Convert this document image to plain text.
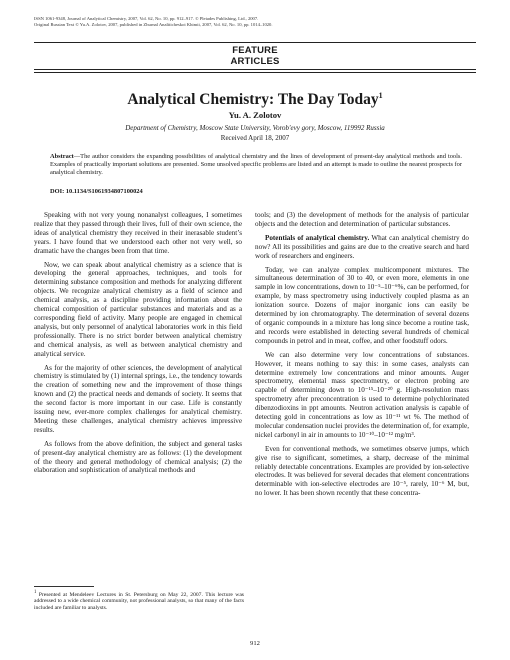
ISSN 1061-9348, Journal of Analytical Chemistry, 2007, Vol. 62, No. 10, pp. 912–917. © Pleiades Publishing, Ltd., 2007.
Original Russian Text © Yu.A. Zolotov, 2007, published in Zhurnal Analiticheskoi Khimii, 2007, Vol. 62, No. 10, pp. 1014–1020.
FEATURE
ARTICLES
Analytical Chemistry: The Day Today$^1$
Yu. A. Zolotov
Department of Chemistry, Moscow State University, Vorob'evy gory, Moscow, 119992 Russia
Received April 18, 2007
Abstract—The author considers the expanding possibilities of analytical chemistry and the lines of development of present-day analytical methods and tools. Examples of practically important solutions are presented. Some unsolved specific problems are listed and an attempt is made to outline the nearest prospects for analytical chemistry.
DOI: 10.1134/S1061934807100024

Speaking with not very young nonanalyst colleagues, I sometimes realize that they passed through their lives, full of their own science, the ideas of analytical chemistry they received in their inerasable student’s years. I have found that we understood each other not very well, so dramatic have the changes been from that time.

Now, we can speak about analytical chemistry as a science that is developing the general approaches, techniques, and tools for determining substance composition and methods for analyzing different objects. We recognize analytical chemistry as a field of science and chemical analysis, as a discipline providing information about the chemical composition of particular substances and materials and as a corresponding field of activity. Many people are engaged in chemical analysis, but only personnel of analytical laboratories work in this field professionally. There is no strict border between analytical chemistry and chemical analysis, as well as between analytical chemistry and analytical service.

As for the majority of other sciences, the development of analytical chemistry is stimulated by (1) internal springs, i.e., the tendency towards the creation of something new and the improvement of those things known and (2) the practical needs and demands of society. It seems that the second factor is more important in our case. Life is constantly issuing new, ever-more complex challenges for analytical chemistry. Meeting these challenges, analytical chemistry achieves impressive results.

As follows from the above definition, the subject and general tasks of present-day analytical chemistry are as follows: (1) the development of the theory and general methodology of chemical analysis; (2) the elaboration and sophistication of analytical methods and

tools; and (3) the development of methods for the analysis of particular objects and the detection and determination of particular substances.

Potentials of analytical chemistry. What can analytical chemistry do now? All its possibilities and gains are due to the creative search and hard work of researchers and engineers.

Today, we can analyze complex multicomponent mixtures. The simultaneous determination of 30 to 40, or even more, elements in one sample in low concentrations, down to 10⁻⁵–10⁻⁶%, can be performed, for example, by mass spectrometry using inductively coupled plasma as an ionization source. Dozens of major inorganic ions can easily be determined by ion chromatography. The determination of several dozens of organic compounds in a mixture has long since become a routine task, and records were established in detecting several hundreds of chemical compounds in petrol and in meat, coffee, and other foodstuff odors.

We can also determine very low concentrations of substances. However, it means nothing to say this: in some cases, analysts can determine extremely low concentrations and minor amounts. Auger spectrometry, elemental mass spectrometry, or electron probing are capable of determining down to 10⁻¹⁵–10⁻²⁰ g. High-resolution mass spectrometry after preconcentration is used to determine polychlorinated dibenzodioxins in ppt amounts. Neutron activation analysis is capable of detecting gold in concentrations as low as 10⁻¹¹ wt %. The method of molecular condensation nuclei provides the determination of, for example, nickel carbonyl in air in amounts to 10⁻¹⁰–10⁻¹² mg/m³.

Even for conventional methods, we sometimes observe jumps, which give rise to significant, sometimes, a sharp, decrease of the minimal reliably detectable concentrations. Examples are provided by ion-selective electrodes. It was believed for several decades that element concentrations determinable with ion-selective electrodes are 10⁻⁵, rarely, 10⁻⁶ M, but, no lower. It has been shown recently that these concentra-

$^1$ Presented at Mendeleev Lectures in St. Petersburg on May 22, 2007. This lecture was addressed to a wide chemical community, not professional analysts, so that many of the facts included are familiar to analysts.
912
